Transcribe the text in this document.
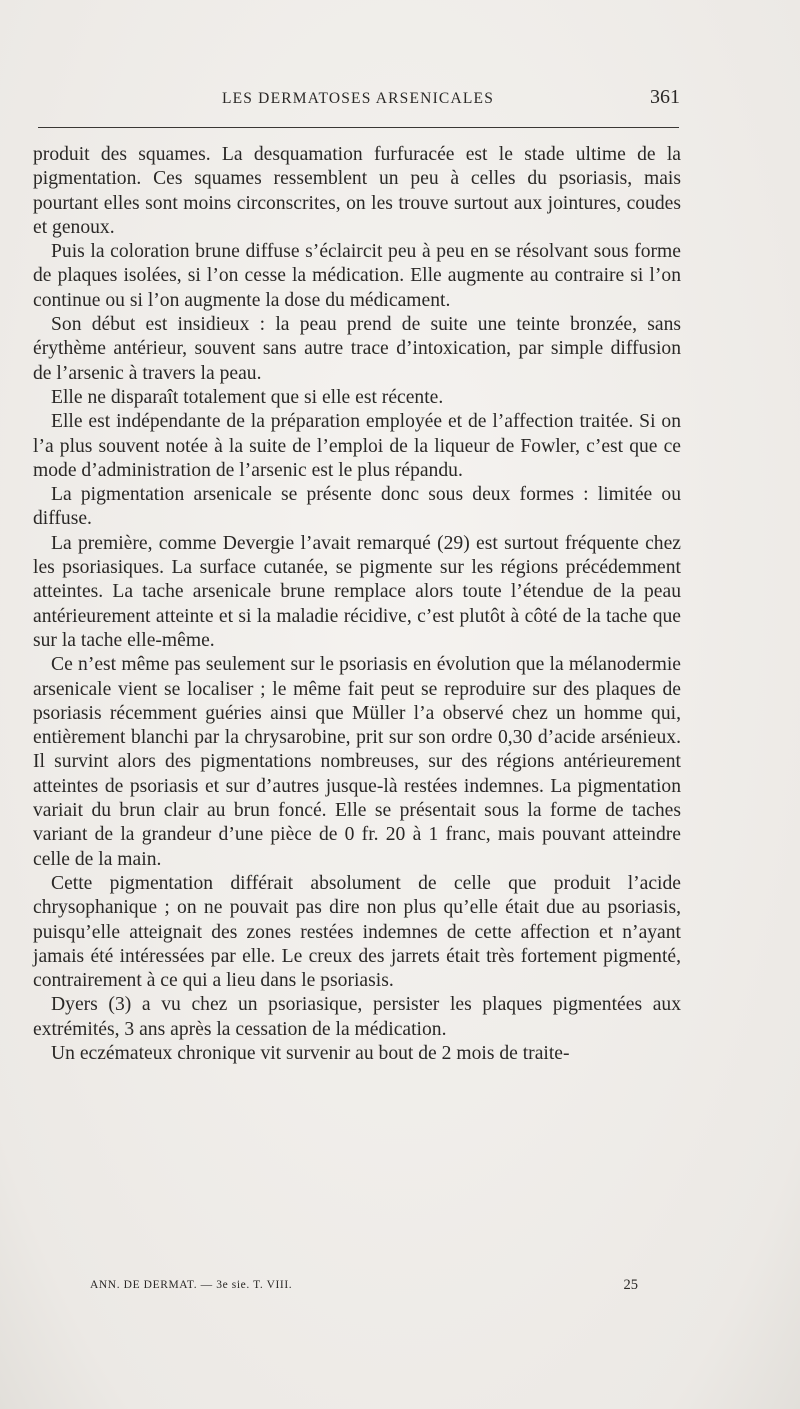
LES DERMATOSES ARSENICALES	361

produit des squames. La desquamation furfuracée est le stade ultime de la pigmentation. Ces squames ressemblent un peu à celles du psoriasis, mais pourtant elles sont moins circonscrites, on les trouve surtout aux jointures, coudes et genoux.

Puis la coloration brune diffuse s’éclaircit peu à peu en se résolvant sous forme de plaques isolées, si l’on cesse la médication. Elle augmente au contraire si l’on continue ou si l’on augmente la dose du médicament.

Son début est insidieux : la peau prend de suite une teinte bronzée, sans érythème antérieur, souvent sans autre trace d’intoxication, par simple diffusion de l’arsenic à travers la peau.

Elle ne disparaît totalement que si elle est récente.

Elle est indépendante de la préparation employée et de l’affection traitée. Si on l’a plus souvent notée à la suite de l’emploi de la liqueur de Fowler, c’est que ce mode d’administration de l’arsenic est le plus répandu.

La pigmentation arsenicale se présente donc sous deux formes : limitée ou diffuse.

La première, comme Devergie l’avait remarqué (29) est surtout fréquente chez les psoriasiques. La surface cutanée, se pigmente sur les régions précédemment atteintes. La tache arsenicale brune remplace alors toute l’étendue de la peau antérieurement atteinte et si la maladie récidive, c’est plutôt à côté de la tache que sur la tache elle-même.

Ce n’est même pas seulement sur le psoriasis en évolution que la mélanodermie arsenicale vient se localiser ; le même fait peut se reproduire sur des plaques de psoriasis récemment guéries ainsi que Müller l’a observé chez un homme qui, entièrement blanchi par la chrysarobine, prit sur son ordre 0,30 d’acide arsénieux. Il survint alors des pigmentations nombreuses, sur des régions antérieurement atteintes de psoriasis et sur d’autres jusque-là restées indemnes. La pigmentation variait du brun clair au brun foncé. Elle se présentait sous la forme de taches variant de la grandeur d’une pièce de 0 fr. 20 à 1 franc, mais pouvant atteindre celle de la main.

Cette pigmentation différait absolument de celle que produit l’acide chrysophanique ; on ne pouvait pas dire non plus qu’elle était due au psoriasis, puisqu’elle atteignait des zones restées indemnes de cette affection et n’ayant jamais été intéressées par elle. Le creux des jarrets était très fortement pigmenté, contrairement à ce qui a lieu dans le psoriasis.

Dyers (3) a vu chez un psoriasique, persister les plaques pigmentées aux extrémités, 3 ans après la cessation de la médication.

Un eczémateux chronique vit survenir au bout de 2 mois de traite-

ANN. DE DERMAT. — 3e sie. T. VIII.	25
